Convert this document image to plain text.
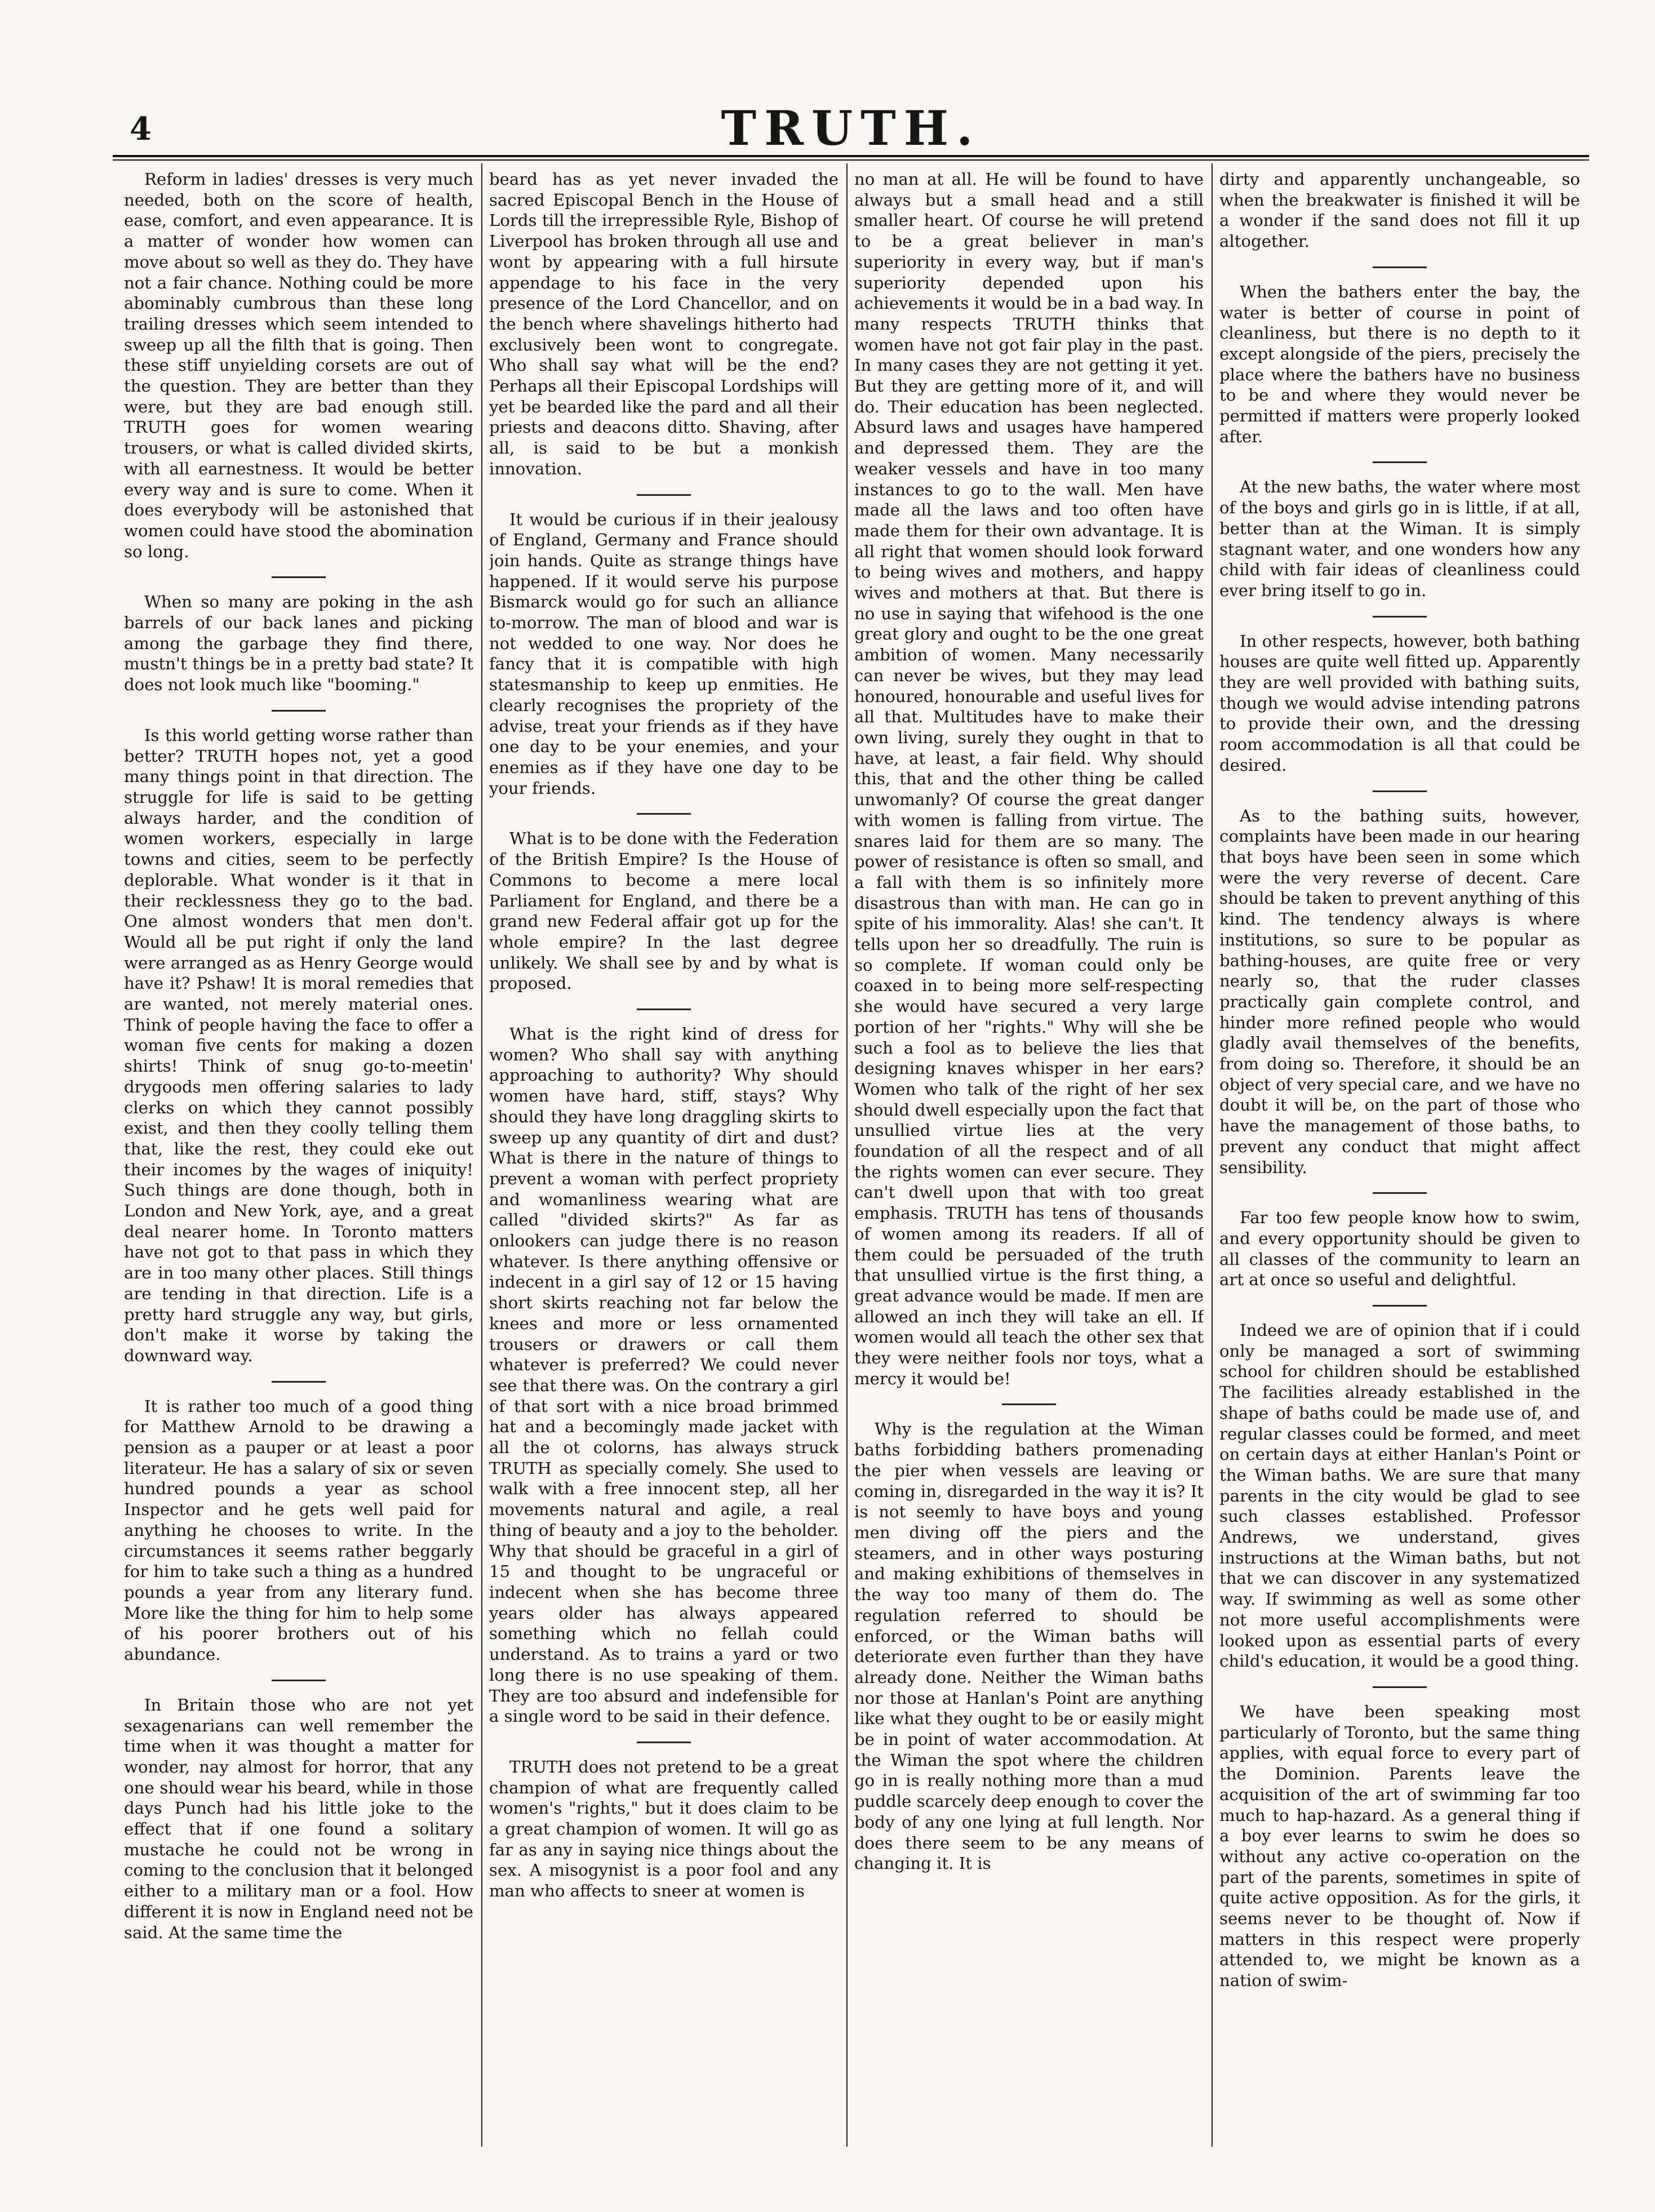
4	TRUTH.

Reform in ladies' dresses is very much needed, both on the score of health, ease, comfort, and even appearance. It is a matter of wonder how women can move about so well as they do. They have not a fair chance. Nothing could be more abominably cumbrous than these long trailing dresses which seem intended to sweep up all the filth that is going. Then these stiff unyielding corsets are out of the question. They are better than they were, but they are bad enough still. TRUTH goes for women wearing trousers, or what is called divided skirts, with all earnestness. It would be better every way and is sure to come. When it does everybody will be astonished that women could have stood the abomination so long.

When so many are poking in the ash barrels of our back lanes and picking among the garbage they find there, mustn't things be in a pretty bad state? It does not look much like "booming."

Is this world getting worse rather than better? TRUTH hopes not, yet a good many things point in that direction. The struggle for life is said to be getting always harder, and the condition of women workers, especially in large towns and cities, seem to be perfectly deplorable. What wonder is it that in their recklessness they go to the bad. One almost wonders that men don't. Would all be put right if only the land were arranged as as Henry George would have it? Pshaw! It is moral remedies that are wanted, not merely material ones. Think of people having the face to offer a woman five cents for making a dozen shirts! Think of snug go-to-meetin' drygoods men offering salaries to lady clerks on which they cannot possibly exist, and then they coolly telling them that, like the rest, they could eke out their incomes by the wages of iniquity! Such things are done though, both in London and New York, aye, and a great deal nearer home. In Toronto matters have not got to that pass in which they are in too many other places. Still things are tending in that direction. Life is a pretty hard struggle any way, but girls, don't make it worse by taking the downward way.

It is rather too much of a good thing for Matthew Arnold to be drawing a pension as a pauper or at least a poor literateur. He has a salary of six or seven hundred pounds a year as school Inspector and he gets well paid for anything he chooses to write. In the circumstances it seems rather beggarly for him to take such a thing as a hundred pounds a year from any literary fund. More like the thing for him to help some of his poorer brothers out of his abundance.

In Britain those who are not yet sexagenarians can well remember the time when it was thought a matter for wonder, nay almost for horror, that any one should wear his beard, while in those days Punch had his little joke to the effect that if one found a solitary mustache he could not be wrong in coming to the conclusion that it belonged either to a military man or a fool. How different it is now in England need not be said. At the same time the

beard has as yet never invaded the sacred Episcopal Bench in the House of Lords till the irrepressible Ryle, Bishop of Liverpool has broken through all use and wont by appearing with a full hirsute appendage to his face in the very presence of the Lord Chancellor, and on the bench where shavelings hitherto had exclusively been wont to congregate. Who shall say what will be the end? Perhaps all their Episcopal Lordships will yet be bearded like the pard and all their priests and deacons ditto. Shaving, after all, is said to be but a monkish innovation.

It would be curious if in their jealousy of England, Germany and France should join hands. Quite as strange things have happened. If it would serve his purpose Bismarck would go for such an alliance to-morrow. The man of blood and war is not wedded to one way. Nor does he fancy that it is compatible with high statesmanship to keep up enmities. He clearly recognises the propriety of the advise, treat your friends as if they have one day to be your enemies, and your enemies as if they have one day to be your friends.

What is to be done with the Federation of the British Empire? Is the House of Commons to become a mere local Parliament for England, and there be a grand new Federal affair got up for the whole empire? In the last degree unlikely. We shall see by and by what is proposed.

What is the right kind of dress for women? Who shall say with anything approaching to authority? Why should women have hard, stiff, stays? Why should they have long draggling skirts to sweep up any quantity of dirt and dust? What is there in the nature of things to prevent a woman with perfect propriety and womanliness wearing what are called "divided skirts?" As far as onlookers can judge there is no reason whatever. Is there anything offensive or indecent in a girl say of 12 or 15 having short skirts reaching not far below the knees and more or less ornamented trousers or drawers or call them whatever is preferred? We could never see that there was. On the contrary a girl of that sort with a nice broad brimmed hat and a becomingly made jacket with all the ot colorns, has always struck TRUTH as specially comely. She used to walk with a free innocent step, all her movements natural and agile, a real thing of beauty and a joy to the beholder. Why that should be graceful in a girl of 15 and thought to be ungraceful or indecent when she has become three years older has always appeared something which no fellah could understand. As to trains a yard or two long there is no use speaking of them. They are too absurd and indefensible for a single word to be said in their defence.

TRUTH does not pretend to be a great champion of what are frequently called women's "rights," but it does claim to be a great champion of women. It will go as far as any in saying nice things about the sex. A misogynist is a poor fool and any man who affects to sneer at women is

no man at all. He will be found to have always but a small head and a still smaller heart. Of course he will pretend to be a great believer in man's superiority in every way, but if man's superiority depended upon his achievements it would be in a bad way. In many respects TRUTH thinks that women have not got fair play in the past. In many cases they are not getting it yet. But they are getting more of it, and will do. Their education has been neglected. Absurd laws and usages have hampered and depressed them. They are the weaker vessels and have in too many instances to go to the wall. Men have made all the laws and too often have made them for their own advantage. It is all right that women should look forward to being wives and mothers, and happy wives and mothers at that. But there is no use in saying that wifehood is the one great glory and ought to be the one great ambition of women. Many necessarily can never be wives, but they may lead honoured, honourable and useful lives for all that. Multitudes have to make their own living, surely they ought in that to have, at least, a fair field. Why should this, that and the other thing be called unwomanly? Of course the great danger with women is falling from virtue. The snares laid for them are so many. The power of resistance is often so small, and a fall with them is so infinitely more disastrous than with man. He can go in spite of his immorality. Alas! she can't. It tells upon her so dreadfully. The ruin is so complete. If woman could only be coaxed in to being more self-respecting she would have secured a very large portion of her "rights." Why will she be such a fool as to believe the lies that designing knaves whisper in her ears? Women who talk of the right of her sex should dwell especially upon the fact that unsullied virtue lies at the very foundation of all the respect and of all the rights women can ever secure. They can't dwell upon that with too great emphasis. TRUTH has tens of thousands of women among its readers. If all of them could be persuaded of the truth that unsullied virtue is the first thing, a great advance would be made. If men are allowed an inch they will take an ell. If women would all teach the other sex that they were neither fools nor toys, what a mercy it would be!

Why is the regulation at the Wiman baths forbidding bathers promenading the pier when vessels are leaving or coming in, disregarded in the way it is? It is not seemly to have boys and young men diving off the piers and the steamers, and in other ways posturing and making exhibitions of themselves in the way too many of them do. The regulation referred to should be enforced, or the Wiman baths will deteriorate even further than they have already done. Neither the Wiman baths nor those at Hanlan's Point are anything like what they ought to be or easily might be in point of water accommodation. At the Wiman the spot where the children go in is really nothing more than a mud puddle scarcely deep enough to cover the body of any one lying at full length. Nor does there seem to be any means of changing it. It is

dirty and apparently unchangeable, so when the breakwater is finished it will be a wonder if the sand does not fill it up altogether.

When the bathers enter the bay, the water is better of course in point of cleanliness, but there is no depth to it except alongside of the piers, precisely the place where the bathers have no business to be and where they would never be permitted if matters were properly looked after.

At the new baths, the water where most of the boys and girls go in is little, if at all, better than at the Wiman. It is simply stagnant water, and one wonders how any child with fair ideas of cleanliness could ever bring itself to go in.

In other respects, however, both bathing houses are quite well fitted up. Apparently they are well provided with bathing suits, though we would advise intending patrons to provide their own, and the dressing room accommodation is all that could be desired.

As to the bathing suits, however, complaints have been made in our hearing that boys have been seen in some which were the very reverse of decent. Care should be taken to prevent anything of this kind. The tendency always is where institutions, so sure to be popular as bathing-houses, are quite free or very nearly so, that the ruder classes practically gain complete control, and hinder more refined people who would gladly avail themselves of the benefits, from doing so. Therefore, it should be an object of very special care, and we have no doubt it will be, on the part of those who have the management of those baths, to prevent any conduct that might affect sensibility.

Far too few people know how to swim, and every opportunity should be given to all classes of the community to learn an art at once so useful and delightful.

Indeed we are of opinion that if i could only be managed a sort of swimming school for children should be established The facilities already established in the shape of baths could be made use of, and regular classes could be formed, and meet on certain days at either Hanlan's Point or the Wiman baths. We are sure that many parents in the city would be glad to see such classes established. Professor Andrews, we understand, gives instructions at the Wiman baths, but not that we can discover in any systematized way. If swimming as well as some other not more useful accomplishments were looked upon as essential parts of every child's education, it would be a good thing.

We have been speaking most particularly of Toronto, but the same thing applies, with equal force to every part of the Dominion. Parents leave the acquisition of the art of swimming far too much to hap-hazard. As a general thing if a boy ever learns to swim he does so without any active co-operation on the part of the parents, sometimes in spite of quite active opposition. As for the girls, it seems never to be thought of. Now if matters in this respect were properly attended to, we might be known as a nation of swim-
